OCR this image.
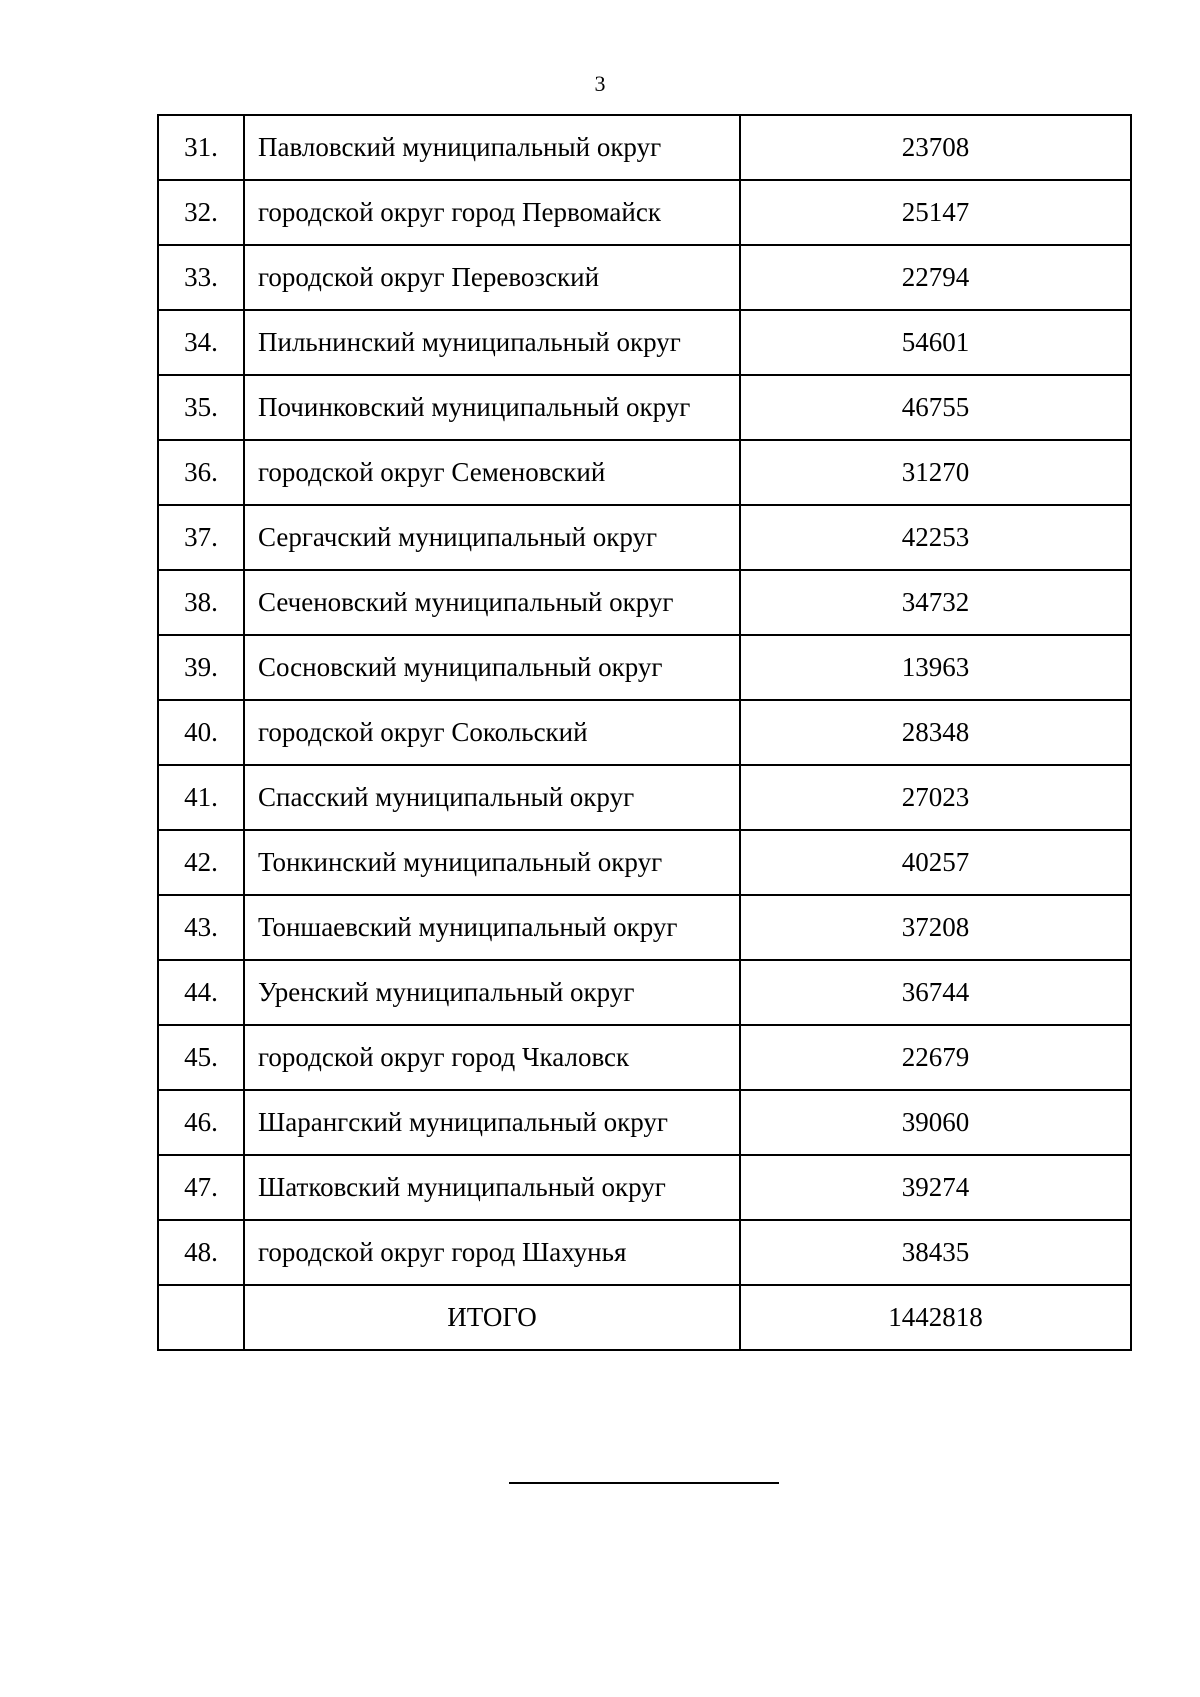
3
31.	Павловский муниципальный округ	23708
32.	городской округ город Первомайск	25147
33.	городской округ Перевозский	22794
34.	Пильнинский муниципальный округ	54601
35.	Починковский муниципальный округ	46755
36.	городской округ Семеновский	31270
37.	Сергачский муниципальный округ	42253
38.	Сеченовский муниципальный округ	34732
39.	Сосновский муниципальный округ	13963
40.	городской округ Сокольский	28348
41.	Спасский муниципальный округ	27023
42.	Тонкинский муниципальный округ	40257
43.	Тоншаевский муниципальный округ	37208
44.	Уренский муниципальный округ	36744
45.	городской округ город Чкаловск	22679
46.	Шарангский муниципальный округ	39060
47.	Шатковский муниципальный округ	39274
48.	городской округ город Шахунья	38435
	ИТОГО	1442818
